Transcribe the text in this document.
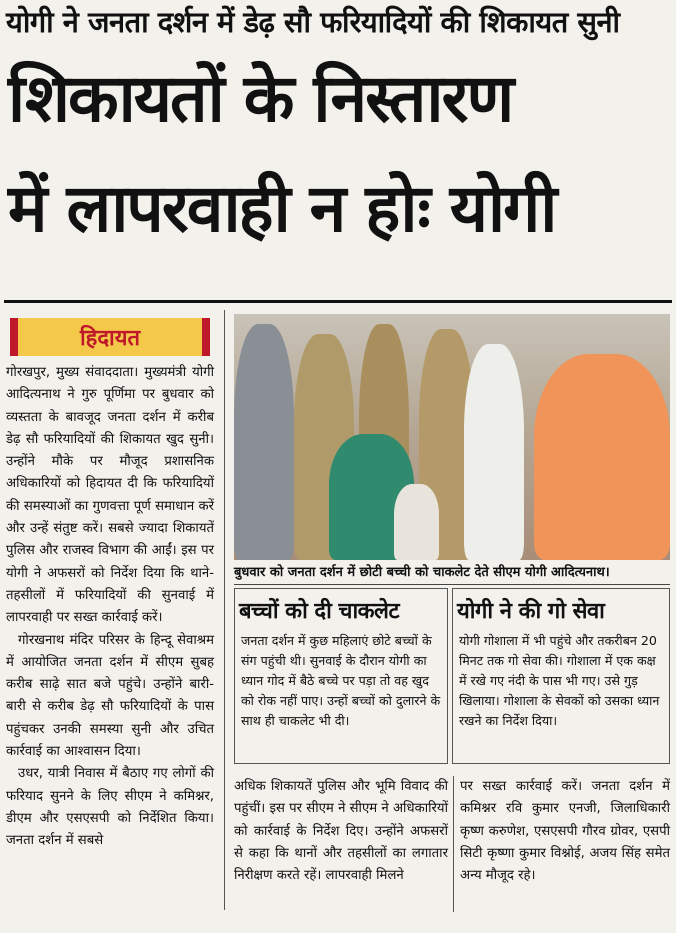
योगी ने जनता दर्शन में डेढ़ सौ फरियादियों की शिकायत सुनी
शिकायतों के निस्तारण
में लापरवाही न होः योगी
हिदायत

गोरखपुर, मुख्य संवाददाता। मुख्यमंत्री योगी आदित्यनाथ ने गुरु पूर्णिमा पर बुधवार को व्यस्तता के बावजूद जनता दर्शन में करीब डेढ़ सौ फरियादियों की शिकायत खुद सुनी। उन्होंने मौके पर मौजूद प्रशासनिक अधिकारियों को हिदायत दी कि फरियादियों की समस्याओं का गुणवत्ता पूर्ण समाधान करें और उन्हें संतुष्ट करें। सबसे ज्यादा शिकायतें पुलिस और राजस्व विभाग की आईं। इस पर योगी ने अफसरों को निर्देश दिया कि थाने-तहसीलों में फरियादियों की सुनवाई में लापरवाही पर सख्त कार्रवाई करें।

गोरखनाथ मंदिर परिसर के हिन्दू सेवाश्रम में आयोजित जनता दर्शन में सीएम सुबह करीब साढ़े सात बजे पहुंचे। उन्होंने बारी-बारी से करीब डेढ़ सौ फरियादियों के पास पहुंचकर उनकी समस्या सुनी और उचित कार्रवाई का आश्वासन दिया।

उधर, यात्री निवास में बैठाए गए लोगों की फरियाद सुनने के लिए सीएम ने कमिश्नर, डीएम और एसएसपी को निर्देशित किया। जनता दर्शन में सबसे

बुधवार को जनता दर्शन में छोटी बच्ची को चाकलेट देते सीएम योगी आदित्यनाथ।
बच्चों को दी चाकलेट
जनता दर्शन में कुछ महिलाएं छोटे बच्चों के संग पहुंची थी। सुनवाई के दौरान योगी का ध्यान गोद में बैठे बच्चे पर पड़ा तो वह खुद को रोक नहीं पाए। उन्हों बच्चों को दुलारने के साथ ही चाकलेट भी दी।
योगी ने की गो सेवा
योगी गोशाला में भी पहुंचे और तकरीबन 20 मिनट तक गो सेवा की। गोशाला में एक कक्ष में रखे गए नंदी के पास भी गए। उसे गुड़ खिलाया। गोशाला के सेवकों को उसका ध्यान रखने का निर्देश दिया।
अधिक शिकायतें पुलिस और भूमि विवाद की पहुंचीं। इस पर सीएम ने सीएम ने अधिकारियों को कार्रवाई के निर्देश दिए। उन्होंने अफसरों से कहा कि थानों और तहसीलों का लगातार निरीक्षण करते रहें। लापरवाही मिलने
पर सख्त कार्रवाई करें। जनता दर्शन में कमिश्नर रवि कुमार एनजी, जिलाधिकारी कृष्ण करुणेश, एसएसपी गौरव ग्रोवर, एसपी सिटी कृष्णा कुमार विश्नोई, अजय सिंह समेत अन्य मौजूद रहे।
